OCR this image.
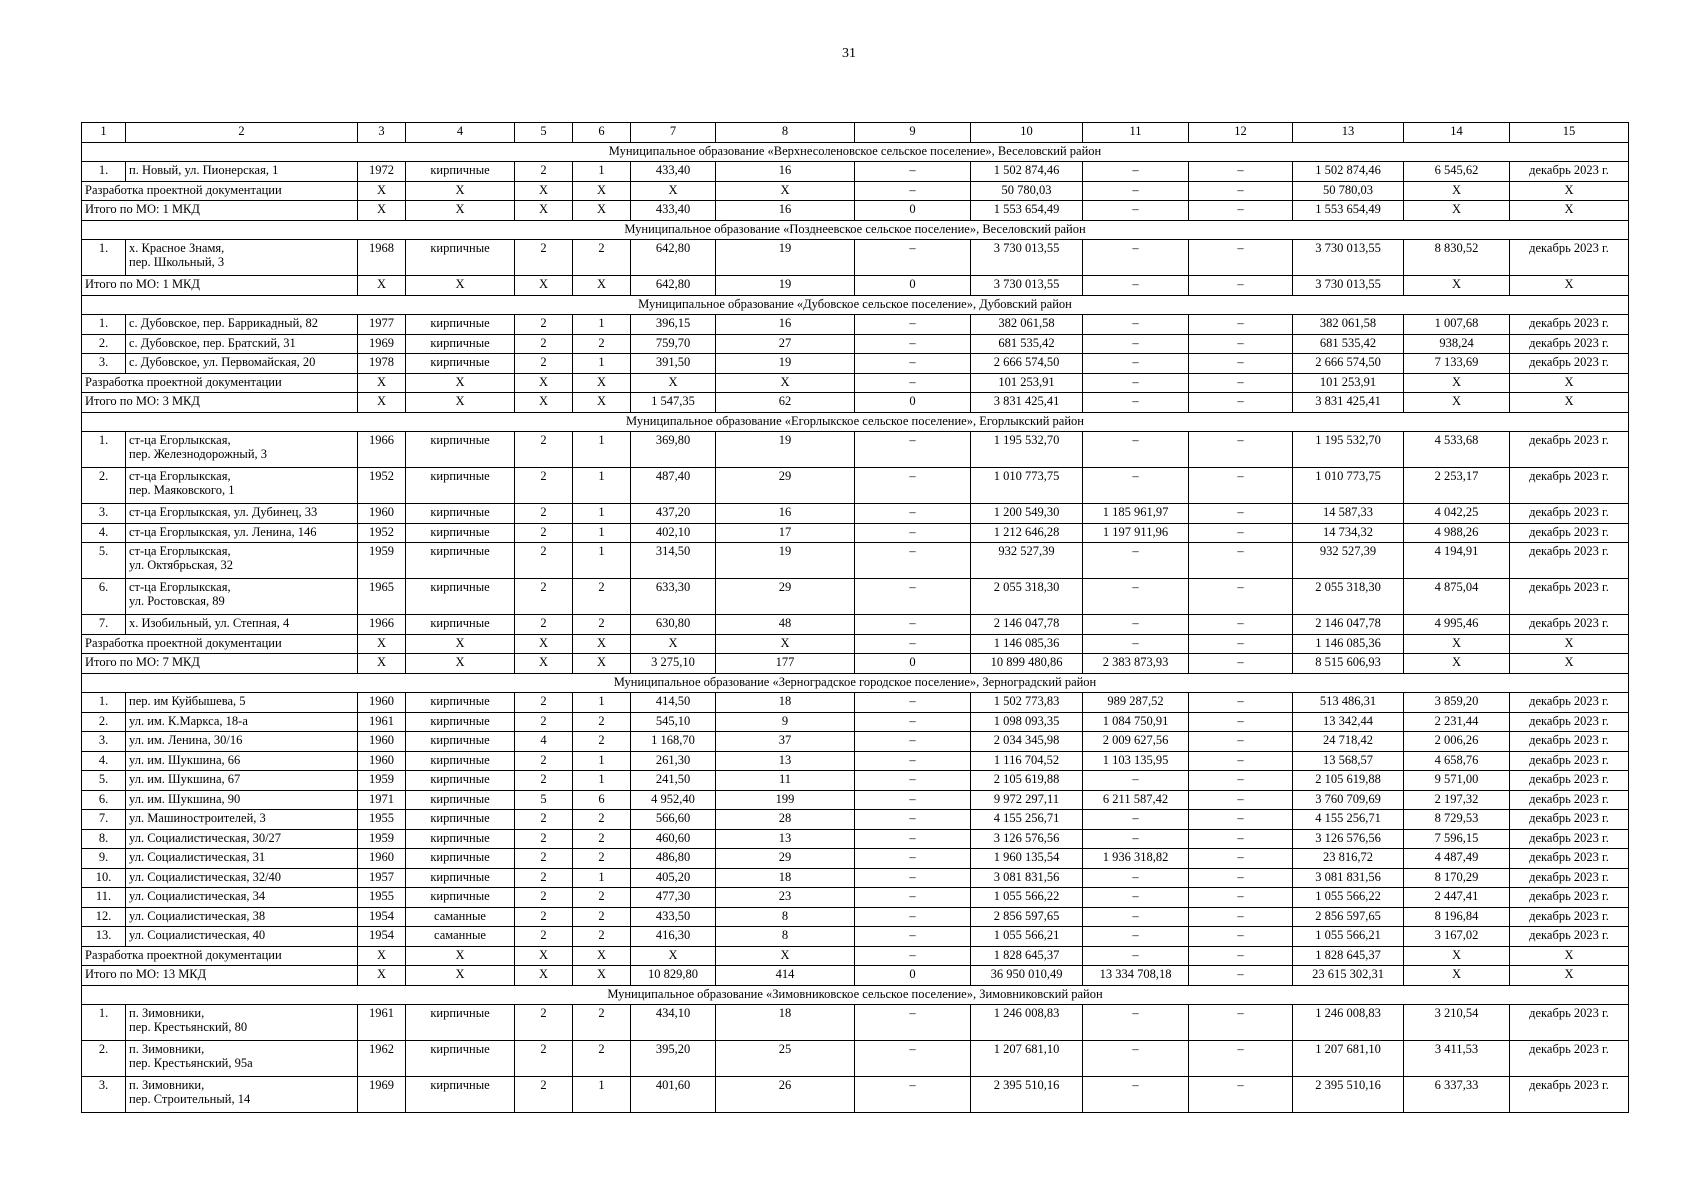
31
1	2	3	4	5	6	7	8	9	10	11	12	13	14	15
Муниципальное образование «Верхнесоленовское сельское поселение», Веселовский район														
1.	п. Новый, ул. Пионерская, 1	1972	кирпичные	2	1	433,40	16	–	1 502 874,46	–	–	1 502 874,46	6 545,62	декабрь 2023 г.
Разработка проектной документации		X	X	X	X	X	X	–	50 780,03	–	–	50 780,03	X	X
Итого по МО: 1 МКД		X	X	X	X	433,40	16	0	1 553 654,49	–	–	1 553 654,49	X	X
Муниципальное образование «Позднеевское сельское поселение», Веселовский район														
1.	х. Красное Знамя,
пер. Школьный, 3	1968	кирпичные	2	2	642,80	19	–	3 730 013,55	–	–	3 730 013,55	8 830,52	декабрь 2023 г.
Итого по МО: 1 МКД		X	X	X	X	642,80	19	0	3 730 013,55	–	–	3 730 013,55	X	X
Муниципальное образование «Дубовское сельское поселение», Дубовский район														
1.	с. Дубовское, пер. Баррикадный, 82	1977	кирпичные	2	1	396,15	16	–	382 061,58	–	–	382 061,58	1 007,68	декабрь 2023 г.
2.	с. Дубовское, пер. Братский, 31	1969	кирпичные	2	2	759,70	27	–	681 535,42	–	–	681 535,42	938,24	декабрь 2023 г.
3.	с. Дубовское, ул. Первомайская, 20	1978	кирпичные	2	1	391,50	19	–	2 666 574,50	–	–	2 666 574,50	7 133,69	декабрь 2023 г.
Разработка проектной документации		X	X	X	X	X	X	–	101 253,91	–	–	101 253,91	X	X
Итого по МО: 3 МКД		X	X	X	X	1 547,35	62	0	3 831 425,41	–	–	3 831 425,41	X	X
Муниципальное образование «Егорлыкское сельское поселение», Егорлыкский район														
1.	ст-ца Егорлыкская,
пер. Железнодорожный, 3	1966	кирпичные	2	1	369,80	19	–	1 195 532,70	–	–	1 195 532,70	4 533,68	декабрь 2023 г.
2.	ст-ца Егорлыкская,
пер. Маяковского, 1	1952	кирпичные	2	1	487,40	29	–	1 010 773,75	–	–	1 010 773,75	2 253,17	декабрь 2023 г.
3.	ст-ца Егорлыкская, ул. Дубинец, 33	1960	кирпичные	2	1	437,20	16	–	1 200 549,30	1 185 961,97	–	14 587,33	4 042,25	декабрь 2023 г.
4.	ст-ца Егорлыкская, ул. Ленина, 146	1952	кирпичные	2	1	402,10	17	–	1 212 646,28	1 197 911,96	–	14 734,32	4 988,26	декабрь 2023 г.
5.	ст-ца Егорлыкская,
ул. Октябрьская, 32	1959	кирпичные	2	1	314,50	19	–	932 527,39	–	–	932 527,39	4 194,91	декабрь 2023 г.
6.	ст-ца Егорлыкская,
ул. Ростовская, 89	1965	кирпичные	2	2	633,30	29	–	2 055 318,30	–	–	2 055 318,30	4 875,04	декабрь 2023 г.
7.	х. Изобильный, ул. Степная, 4	1966	кирпичные	2	2	630,80	48	–	2 146 047,78	–	–	2 146 047,78	4 995,46	декабрь 2023 г.
Разработка проектной документации		X	X	X	X	X	X	–	1 146 085,36	–	–	1 146 085,36	X	X
Итого по МО: 7 МКД		X	X	X	X	3 275,10	177	0	10 899 480,86	2 383 873,93	–	8 515 606,93	X	X
Муниципальное образование «Зерноградское городское поселение», Зерноградский район														
1.	пер. им Куйбышева, 5	1960	кирпичные	2	1	414,50	18	–	1 502 773,83	989 287,52	–	513 486,31	3 859,20	декабрь 2023 г.
2.	ул. им. К.Маркса, 18-а	1961	кирпичные	2	2	545,10	9	–	1 098 093,35	1 084 750,91	–	13 342,44	2 231,44	декабрь 2023 г.
3.	ул. им. Ленина, 30/16	1960	кирпичные	4	2	1 168,70	37	–	2 034 345,98	2 009 627,56	–	24 718,42	2 006,26	декабрь 2023 г.
4.	ул. им. Шукшина, 66	1960	кирпичные	2	1	261,30	13	–	1 116 704,52	1 103 135,95	–	13 568,57	4 658,76	декабрь 2023 г.
5.	ул. им. Шукшина, 67	1959	кирпичные	2	1	241,50	11	–	2 105 619,88	–	–	2 105 619,88	9 571,00	декабрь 2023 г.
6.	ул. им. Шукшина, 90	1971	кирпичные	5	6	4 952,40	199	–	9 972 297,11	6 211 587,42	–	3 760 709,69	2 197,32	декабрь 2023 г.
7.	ул. Машиностроителей, 3	1955	кирпичные	2	2	566,60	28	–	4 155 256,71	–	–	4 155 256,71	8 729,53	декабрь 2023 г.
8.	ул. Социалистическая, 30/27	1959	кирпичные	2	2	460,60	13	–	3 126 576,56	–	–	3 126 576,56	7 596,15	декабрь 2023 г.
9.	ул. Социалистическая, 31	1960	кирпичные	2	2	486,80	29	–	1 960 135,54	1 936 318,82	–	23 816,72	4 487,49	декабрь 2023 г.
10.	ул. Социалистическая, 32/40	1957	кирпичные	2	1	405,20	18	–	3 081 831,56	–	–	3 081 831,56	8 170,29	декабрь 2023 г.
11.	ул. Социалистическая, 34	1955	кирпичные	2	2	477,30	23	–	1 055 566,22	–	–	1 055 566,22	2 447,41	декабрь 2023 г.
12.	ул. Социалистическая, 38	1954	саманные	2	2	433,50	8	–	2 856 597,65	–	–	2 856 597,65	8 196,84	декабрь 2023 г.
13.	ул. Социалистическая, 40	1954	саманные	2	2	416,30	8	–	1 055 566,21	–	–	1 055 566,21	3 167,02	декабрь 2023 г.
Разработка проектной документации		X	X	X	X	X	X	–	1 828 645,37	–	–	1 828 645,37	X	X
Итого по МО: 13 МКД		X	X	X	X	10 829,80	414	0	36 950 010,49	13 334 708,18	–	23 615 302,31	X	X
Муниципальное образование «Зимовниковское сельское поселение», Зимовниковский район														
1.	п. Зимовники,
пер. Крестьянский, 80	1961	кирпичные	2	2	434,10	18	–	1 246 008,83	–	–	1 246 008,83	3 210,54	декабрь 2023 г.
2.	п. Зимовники,
пер. Крестьянский, 95а	1962	кирпичные	2	2	395,20	25	–	1 207 681,10	–	–	1 207 681,10	3 411,53	декабрь 2023 г.
3.	п. Зимовники,
пер. Строительный, 14	1969	кирпичные	2	1	401,60	26	–	2 395 510,16	–	–	2 395 510,16	6 337,33	декабрь 2023 г.
